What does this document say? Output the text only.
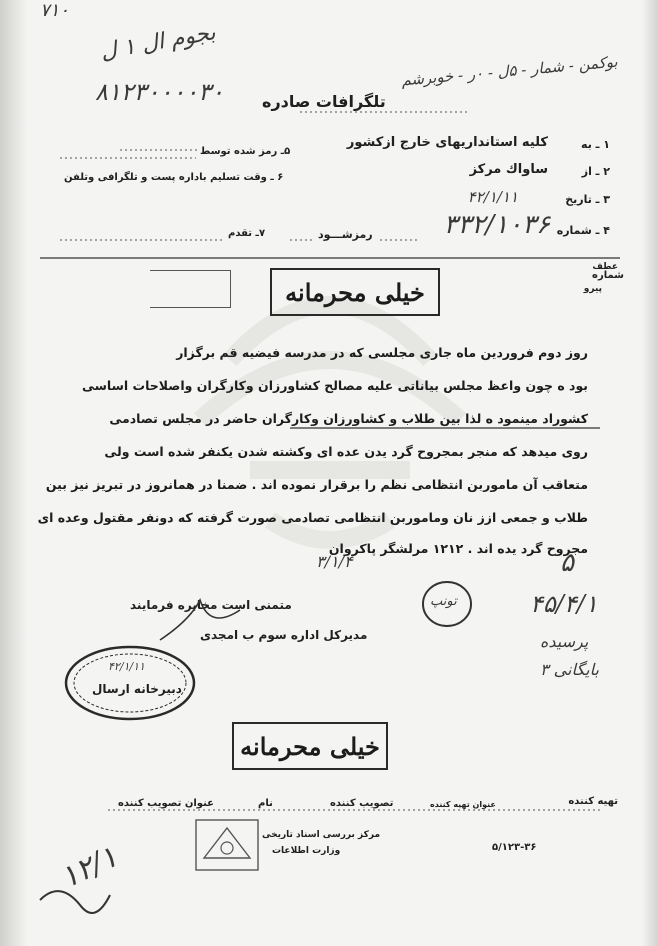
۷۱۰
بجوم ال ۱ ل
۸۱۲۳۰۰۰۰۳۰
بوکمن - شمار - ۵ل - ۰ر - خوبرشم
تلگرافات صادره
۱ ـ به
کلیه استانداریهای خارج ازکشور
۲ ـ از
ساواك مرکز
۳ ـ تاریخ
۴۲/۱/۱۱
۴ ـ شماره
۳۳۲/۱۰۳۶
۵ـ رمز شده توسط
۶ ـ وقت تسلیم باداره پست و تلگرافی وتلفن
۷ـ تقدم	رمزشـــود
خیلی محرمانه
شماره
عطف
پیرو
روز دوم فروردین ماه جاری مجلسی که در مدرسه فیضیه قم برگزار
بود ه چون واعظ مجلس بیاناتی علیه مصالح کشاورزان وکارگران واصلاحات اساسی
کشوراد مینمود ه لذا بین طلاب و کشاورزان وکارگران حاضر در مجلس تصادمی
روی میدهد که منجر بمجروح گرد یدن عده ای وکشته شدن یکنفر شده است ولی
متعاقب آن ماموربن انتظامی نظم را برقرار نموده اند . ضمنا در همانروز در تبریز نیز بین
طلاب و جمعی ازز نان وماموربن انتظامی تصادمی صورت گرفته که دونفر مقتول وعده ای
مجروح گرد یده اند . ۱۲۱۲ مرلشگر پاکروان
۳/۱/۴	۵
۴۵/۴/۱
پرسیده
بایگانی ۳
تونپ
متمنی است مخابره فرمایند
مدیرکل اداره سوم ب امجدی
۴۲/۱/۱۱
دبیرخانه ارسال
خیلی محرمانه
تهیه کننده
عنوان تهیه کننده
تصویب کننده
نام
عنوان تصویب کننده
۵/۱۲۳-۳۶
مرکز بررسی اسناد تاریخی
وزارت اطلاعات
۱۲/۱
